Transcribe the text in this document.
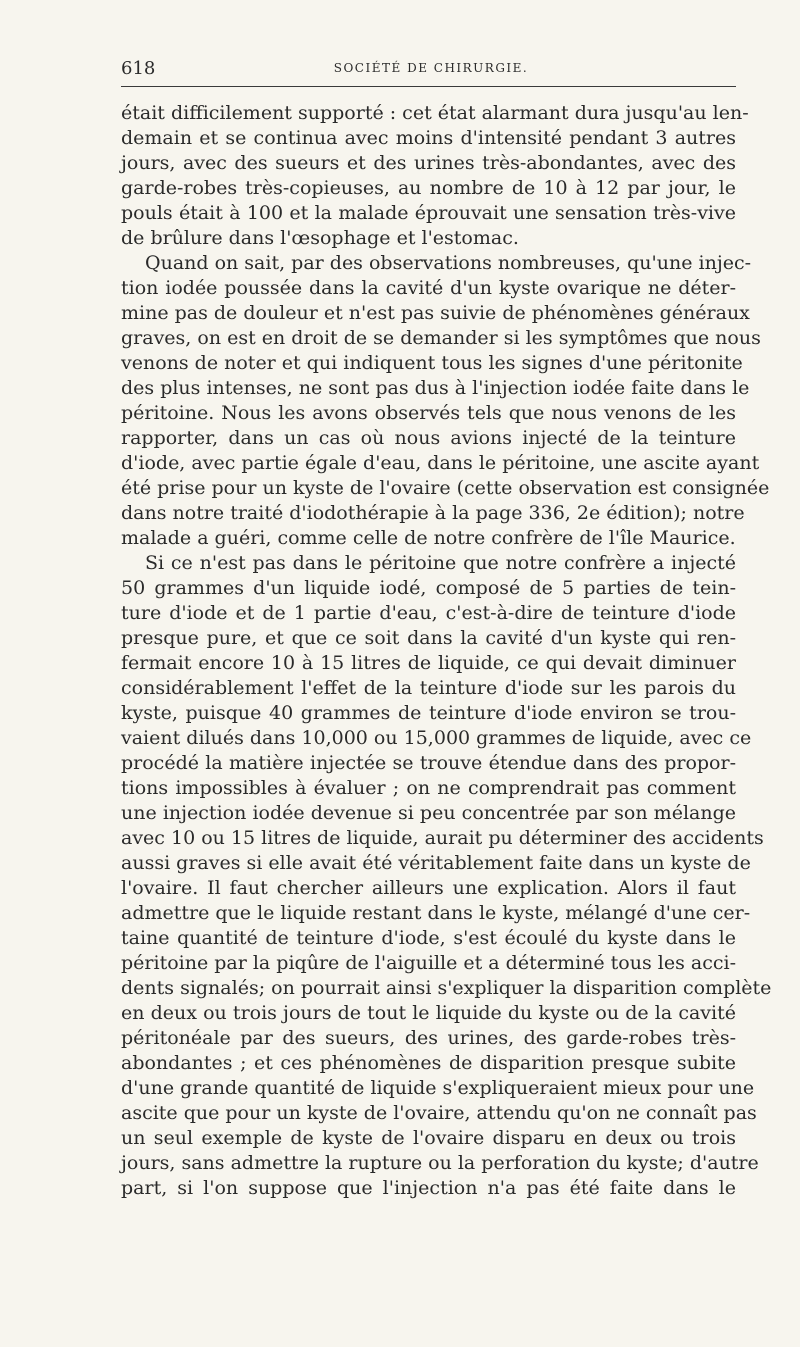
618	SOCIÉTÉ DE CHIRURGIE.
était difficilement supporté : cet état alarmant dura jusqu'au len-
demain et se continua avec moins d'intensité pendant 3 autres
jours, avec des sueurs et des urines très-abondantes, avec des
garde-robes très-copieuses, au nombre de 10 à 12 par jour, le
pouls était à 100 et la malade éprouvait une sensation très-vive
de brûlure dans l'œsophage et l'estomac.
Quand on sait, par des observations nombreuses, qu'une injec-
tion iodée poussée dans la cavité d'un kyste ovarique ne déter-
mine pas de douleur et n'est pas suivie de phénomènes généraux
graves, on est en droit de se demander si les symptômes que nous
venons de noter et qui indiquent tous les signes d'une péritonite
des plus intenses, ne sont pas dus à l'injection iodée faite dans le
péritoine. Nous les avons observés tels que nous venons de les
rapporter, dans un cas où nous avions injecté de la teinture
d'iode, avec partie égale d'eau, dans le péritoine, une ascite ayant
été prise pour un kyste de l'ovaire (cette observation est consignée
dans notre traité d'iodothérapie à la page 336, 2e édition); notre
malade a guéri, comme celle de notre confrère de l'île Maurice.
Si ce n'est pas dans le péritoine que notre confrère a injecté
50 grammes d'un liquide iodé, composé de 5 parties de tein-
ture d'iode et de 1 partie d'eau, c'est-à-dire de teinture d'iode
presque pure, et que ce soit dans la cavité d'un kyste qui ren-
fermait encore 10 à 15 litres de liquide, ce qui devait diminuer
considérablement l'effet de la teinture d'iode sur les parois du
kyste, puisque 40 grammes de teinture d'iode environ se trou-
vaient dilués dans 10,000 ou 15,000 grammes de liquide, avec ce
procédé la matière injectée se trouve étendue dans des propor-
tions impossibles à évaluer ; on ne comprendrait pas comment
une injection iodée devenue si peu concentrée par son mélange
avec 10 ou 15 litres de liquide, aurait pu déterminer des accidents
aussi graves si elle avait été véritablement faite dans un kyste de
l'ovaire. Il faut chercher ailleurs une explication. Alors il faut
admettre que le liquide restant dans le kyste, mélangé d'une cer-
taine quantité de teinture d'iode, s'est écoulé du kyste dans le
péritoine par la piqûre de l'aiguille et a déterminé tous les acci-
dents signalés; on pourrait ainsi s'expliquer la disparition complète
en deux ou trois jours de tout le liquide du kyste ou de la cavité
péritonéale par des sueurs, des urines, des garde-robes très-
abondantes ; et ces phénomènes de disparition presque subite
d'une grande quantité de liquide s'expliqueraient mieux pour une
ascite que pour un kyste de l'ovaire, attendu qu'on ne connaît pas
un seul exemple de kyste de l'ovaire disparu en deux ou trois
jours, sans admettre la rupture ou la perforation du kyste; d'autre
part, si l'on suppose que l'injection n'a pas été faite dans le
